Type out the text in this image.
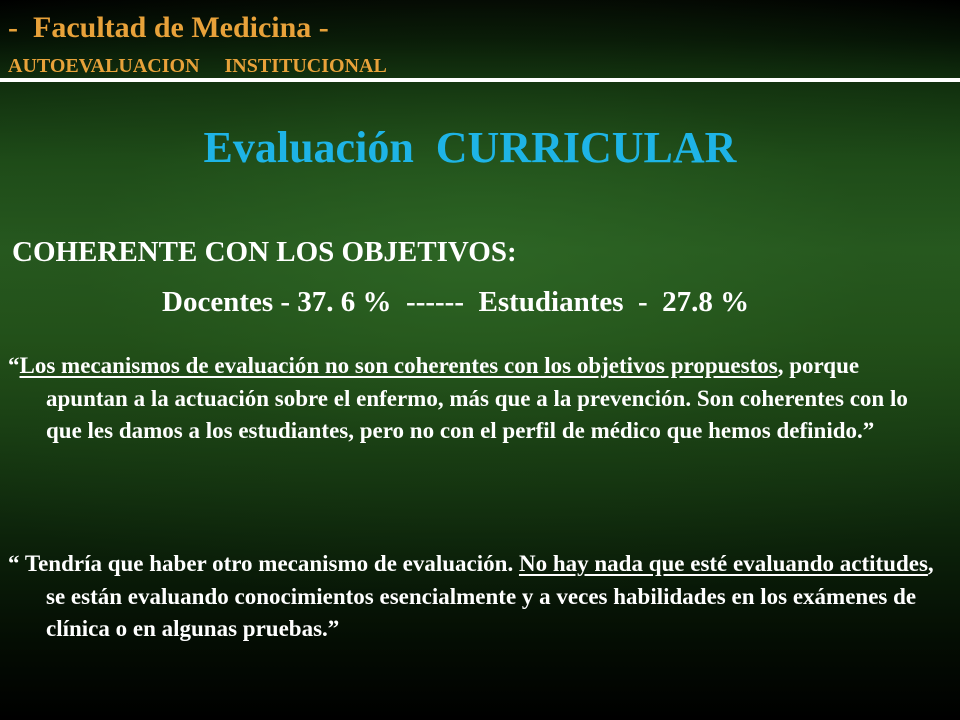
-  Facultad de Medicina -
AUTOEVALUACION     INSTITUCIONAL
Evaluación  CURRICULAR
COHERENTE CON LOS OBJETIVOS:
Docentes - 37. 6 %  ------  Estudiantes  -  27.8 %

“Los mecanismos de evaluación no son coherentes con los objetivos propuestos, porque apuntan a la actuación sobre el enfermo, más que a la prevención. Son coherentes con lo que les damos a los estudiantes, pero no con el perfil de médico que hemos definido.”

“ Tendría que haber otro mecanismo de evaluación. No hay nada que esté evaluando actitudes, se están evaluando conocimientos esencialmente y a veces habilidades en los exámenes de clínica o en algunas pruebas.”
